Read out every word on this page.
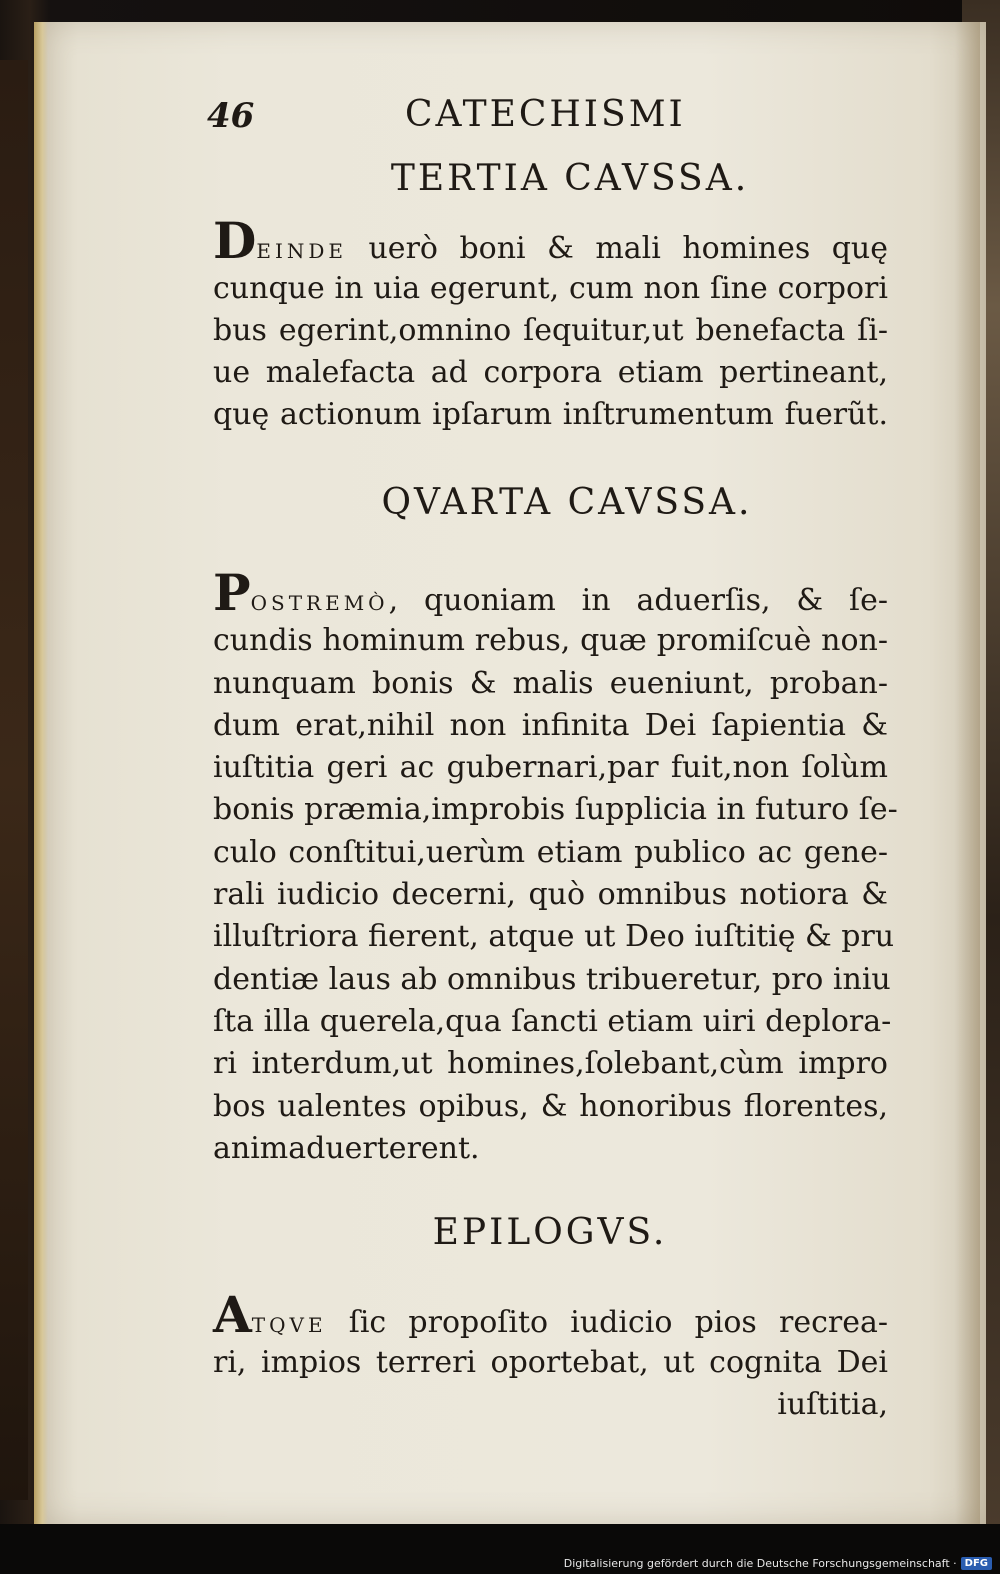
Digitalisierung gefördert durch die Deutsche Forschungsgemeinschaft · DFG
46	CATECHISMI
TERTIA CAVSSA.
DEINDE uerò boni & mali homines quę
cunque in uia egerunt, cum non ſine corpori
bus egerint,omnino ſequitur,ut benefacta ſi-
ue malefacta ad corpora etiam pertineant,
quę actionum ipſarum inſtrumentum fuerũt.
QVARTA CAVSSA.
POSTREMÒ, quoniam in aduerſis, & ſe-
cundis hominum rebus, quæ promiſcuè non-
nunquam bonis & malis eueniunt, proban-
dum erat,nihil non infinita Dei ſapientia &
iuſtitia geri ac gubernari,par fuit,non ſolùm
bonis præmia,improbis ſupplicia in futuro ſe-
culo conſtitui,uerùm etiam publico ac gene-
rali iudicio decerni, quò omnibus notiora &
illuſtriora fierent, atque ut Deo iuſtitię & pru
dentiæ laus ab omnibus tribueretur, pro iniu
ſta illa querela,qua ſancti etiam uiri deplora-
ri interdum,ut homines,ſolebant,cùm impro
bos ualentes opibus, & honoribus florentes,
animaduerterent.
EPILOGVS.
ATQVE ſic propoſito iudicio pios recrea-
ri, impios terreri oportebat, ut cognita Dei
iuſtitia,
